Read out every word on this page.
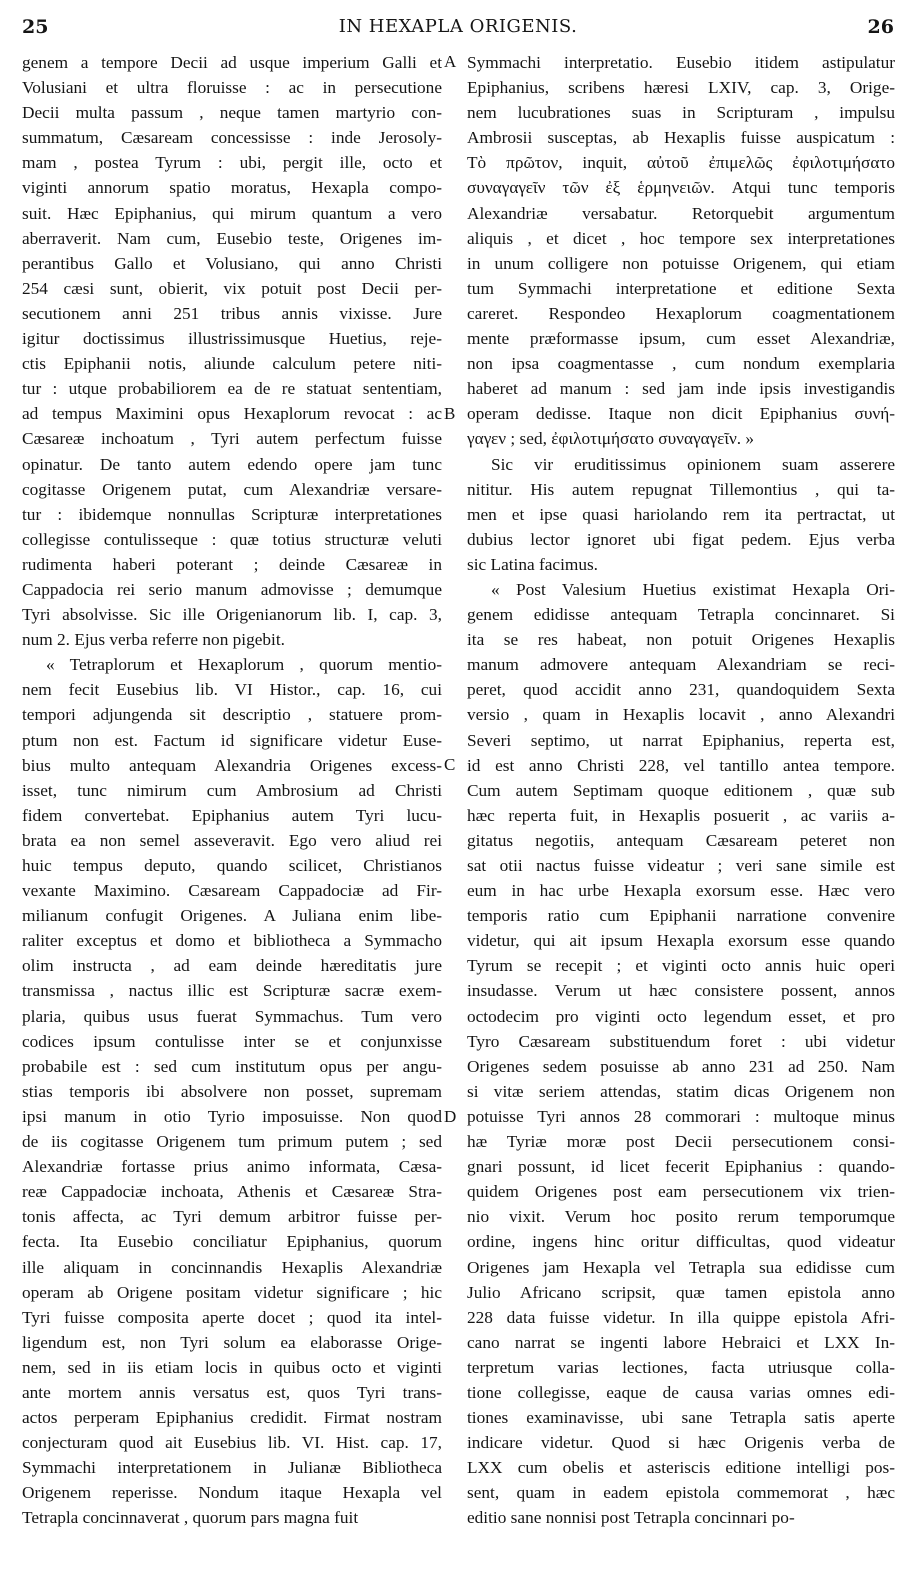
25	IN HEXAPLA ORIGENIS.	26

genem a tempore Decii ad usque imperium Galli et
Volusiani et ultra floruisse : ac in persecutione
Decii multa passum , neque tamen martyrio con-
summatum, Cæsaream concessisse : inde Jerosoly-
mam , postea Tyrum : ubi, pergit ille, octo et
viginti annorum spatio moratus, Hexapla compo-
suit. Hæc Epiphanius, qui mirum quantum a vero
aberraverit. Nam cum, Eusebio teste, Origenes im-
perantibus Gallo et Volusiano, qui anno Christi
254 cæsi sunt, obierit, vix potuit post Decii per-
secutionem anni 251 tribus annis vixisse. Jure
igitur doctissimus illustrissimusque Huetius, reje-
ctis Epiphanii notis, aliunde calculum petere niti-
tur : utque probabiliorem ea de re statuat sententiam,
ad tempus Maximini opus Hexaplorum revocat : ac
Cæsareæ inchoatum , Tyri autem perfectum fuisse
opinatur. De tanto autem edendo opere jam tunc
cogitasse Origenem putat, cum Alexandriæ versare-
tur : ibidemque nonnullas Scripturæ interpretationes
collegisse contulisseque : quæ totius structuræ veluti
rudimenta haberi poterant ; deinde Cæsareæ in
Cappadocia rei serio manum admovisse ; demumque
Tyri absolvisse. Sic ille Origenianorum lib. I, cap. 3,
num 2. Ejus verba referre non pigebit.

« Tetraplorum et Hexaplorum , quorum mentio-
nem fecit Eusebius lib. VI Histor., cap. 16, cui
tempori adjungenda sit descriptio , statuere prom-
ptum non est. Factum id significare videtur Euse-
bius multo antequam Alexandria Origenes excess-
isset, tunc nimirum cum Ambrosium ad Christi
fidem convertebat. Epiphanius autem Tyri lucu-
brata ea non semel asseveravit. Ego vero aliud rei
huic tempus deputo, quando scilicet, Christianos
vexante Maximino. Cæsaream Cappadociæ ad Fir-
milianum confugit Origenes. A Juliana enim libe-
raliter exceptus et domo et bibliotheca a Symmacho
olim instructa , ad eam deinde hæreditatis jure
transmissa , nactus illic est Scripturæ sacræ exem-
plaria, quibus usus fuerat Symmachus. Tum vero
codices ipsum contulisse inter se et conjunxisse
probabile est : sed cum institutum opus per angu-
stias temporis ibi absolvere non posset, supremam
ipsi manum in otio Tyrio imposuisse. Non quod
de iis cogitasse Origenem tum primum putem ; sed
Alexandriæ fortasse prius animo informata, Cæsa-
reæ Cappadociæ inchoata, Athenis et Cæsareæ Stra-
tonis affecta, ac Tyri demum arbitror fuisse per-
fecta. Ita Eusebio conciliatur Epiphanius, quorum
ille aliquam in concinnandis Hexaplis Alexandriæ
operam ab Origene positam videtur significare ; hic
Tyri fuisse composita aperte docet ; quod ita intel-
ligendum est, non Tyri solum ea elaborasse Orige-
nem, sed in iis etiam locis in quibus octo et viginti
ante mortem annis versatus est, quos Tyri trans-
actos perperam Epiphanius credidit. Firmat nostram
conjecturam quod ait Eusebius lib. VI. Hist. cap. 17,
Symmachi interpretationem in Julianæ Bibliotheca
Origenem reperisse. Nondum itaque Hexapla vel
Tetrapla concinnaverat , quorum pars magna fuit

Symmachi interpretatio. Eusebio itidem astipulatur
Epiphanius, scribens hæresi LXIV, cap. 3, Orige-
nem lucubrationes suas in Scripturam , impulsu
Ambrosii susceptas, ab Hexaplis fuisse auspicatum :
Τὸ πρῶτον, inquit, αὐτοῦ ἐπιμελῶς ἐφιλοτιμήσατο
συναγαγεῖν τῶν ἐξ ἑρμηνειῶν. Atqui tunc temporis
Alexandriæ versabatur. Retorquebit argumentum
aliquis , et dicet , hoc tempore sex interpretationes
in unum colligere non potuisse Origenem, qui etiam
tum Symmachi interpretatione et editione Sexta
careret. Respondeo Hexaplorum coagmentationem
mente præformasse ipsum, cum esset Alexandriæ,
non ipsa coagmentasse , cum nondum exemplaria
haberet ad manum : sed jam inde ipsis investigandis
operam dedisse. Itaque non dicit Epiphanius συνή-
γαγεν ; sed, ἐφιλοτιμήσατο συναγαγεῖν. »

Sic vir eruditissimus opinionem suam asserere
nititur. His autem repugnat Tillemontius , qui ta-
men et ipse quasi hariolando rem ita pertractat, ut
dubius lector ignoret ubi figat pedem. Ejus verba
sic Latina facimus.

« Post Valesium Huetius existimat Hexapla Ori-
genem edidisse antequam Tetrapla concinnaret. Si
ita se res habeat, non potuit Origenes Hexaplis
manum admovere antequam Alexandriam se reci-
peret, quod accidit anno 231, quandoquidem Sexta
versio , quam in Hexaplis locavit , anno Alexandri
Severi septimo, ut narrat Epiphanius, reperta est,
id est anno Christi 228, vel tantillo antea tempore.
Cum autem Septimam quoque editionem , quæ sub
hæc reperta fuit, in Hexaplis posuerit , ac variis a-
gitatus negotiis, antequam Cæsaream peteret non
sat otii nactus fuisse videatur ; veri sane simile est
eum in hac urbe Hexapla exorsum esse. Hæc vero
temporis ratio cum Epiphanii narratione convenire
videtur, qui ait ipsum Hexapla exorsum esse quando
Tyrum se recepit ; et viginti octo annis huic operi
insudasse. Verum ut hæc consistere possent, annos
octodecim pro viginti octo legendum esset, et pro
Tyro Cæsaream substituendum foret : ubi videtur
Origenes sedem posuisse ab anno 231 ad 250. Nam
si vitæ seriem attendas, statim dicas Origenem non
potuisse Tyri annos 28 commorari : multoque minus
hæ Tyriæ moræ post Decii persecutionem consi-
gnari possunt, id licet fecerit Epiphanius : quando-
quidem Origenes post eam persecutionem vix trien-
nio vixit. Verum hoc posito rerum temporumque
ordine, ingens hinc oritur difficultas, quod videatur
Origenes jam Hexapla vel Tetrapla sua edidisse cum
Julio Africano scripsit, quæ tamen epistola anno
228 data fuisse videtur. In illa quippe epistola Afri-
cano narrat se ingenti labore Hebraici et LXX In-
terpretum varias lectiones, facta utriusque colla-
tione collegisse, eaque de causa varias omnes edi-
tiones examinavisse, ubi sane Tetrapla satis aperte
indicare videtur. Quod si hæc Origenis verba de
LXX cum obelis et asteriscis editione intelligi pos-
sent, quam in eadem epistola commemorat , hæc
editio sane nonnisi post Tetrapla concinnari po-

A
B
C
D
